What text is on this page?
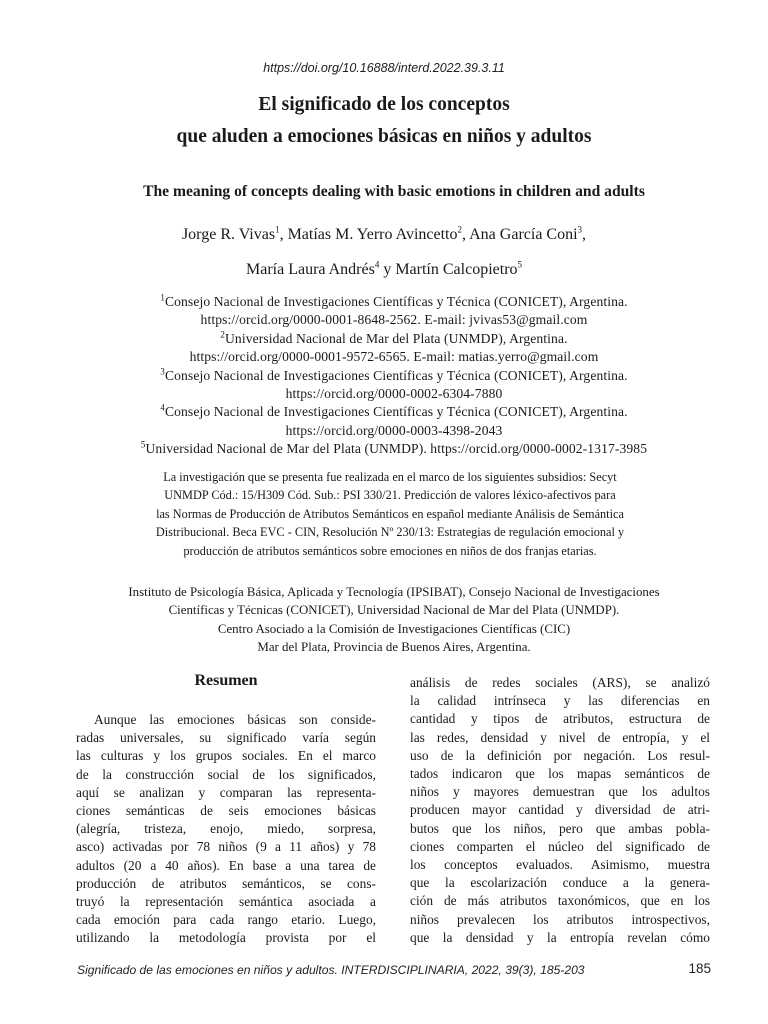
https://doi.org/10.16888/interd.2022.39.3.11
El significado de los conceptos
que aluden a emociones básicas en niños y adultos
The meaning of concepts dealing with basic emotions in children and adults
Jorge R. Vivas$^1$, Matías M. Yerro Avincetto$^2$, Ana García Coni$^3$,
María Laura Andrés$^4$ y Martín Calcopietro$^5$
$^1$Consejo Nacional de Investigaciones Científicas y Técnica (CONICET), Argentina.
https://orcid.org/0000-0001-8648-2562. E-mail: jvivas53@gmail.com
$^2$Universidad Nacional de Mar del Plata (UNMDP), Argentina.
https://orcid.org/0000-0001-9572-6565. E-mail: matias.yerro@gmail.com
$^3$Consejo Nacional de Investigaciones Científicas y Técnica (CONICET), Argentina.
https://orcid.org/0000-0002-6304-7880
$^4$Consejo Nacional de Investigaciones Científicas y Técnica (CONICET), Argentina.
https://orcid.org/0000-0003-4398-2043
$^5$Universidad Nacional de Mar del Plata (UNMDP). https://orcid.org/0000-0002-1317-3985
La investigación que se presenta fue realizada en el marco de los siguientes subsidios: Secyt
UNMDP Cód.: 15/H309 Cód. Sub.: PSI 330/21. Predicción de valores léxico-afectivos para
las Normas de Producción de Atributos Semánticos en español mediante Análisis de Semántica
Distribucional. Beca EVC - CIN, Resolución Nº 230/13: Estrategias de regulación emocional y
producción de atributos semánticos sobre emociones en niños de dos franjas etarias.
Instituto de Psicología Básica, Aplicada y Tecnología (IPSIBAT), Consejo Nacional de Investigaciones
Científicas y Técnicas (CONICET), Universidad Nacional de Mar del Plata (UNMDP).
Centro Asociado a la Comisión de Investigaciones Científicas (CIC)
Mar del Plata, Provincia de Buenos Aires, Argentina.
Resumen
Aunque las emociones básicas son conside-
radas universales, su significado varía según
las culturas y los grupos sociales. En el marco
de la construcción social de los significados,
aquí se analizan y comparan las representa-
ciones semánticas de seis emociones básicas
(alegría, tristeza, enojo, miedo, sorpresa,
asco) activadas por 78 niños (9 a 11 años) y 78
adultos (20 a 40 años). En base a una tarea de
producción de atributos semánticos, se cons-
truyó la representación semántica asociada a
cada emoción para cada rango etario. Luego,
utilizando la metodología provista por el
análisis de redes sociales (ARS), se analizó
la calidad intrínseca y las diferencias en
cantidad y tipos de atributos, estructura de
las redes, densidad y nivel de entropía, y el
uso de la definición por negación. Los resul-
tados indicaron que los mapas semánticos de
niños y mayores demuestran que los adultos
producen mayor cantidad y diversidad de atri-
butos que los niños, pero que ambas pobla-
ciones comparten el núcleo del significado de
los conceptos evaluados. Asimismo, muestra
que la escolarización conduce a la genera-
ción de más atributos taxonómicos, que en los
niños prevalecen los atributos introspectivos,
que la densidad y la entropía revelan cómo
Significado de las emociones en niños y adultos. INTERDISCIPLINARIA, 2022, 39(3), 185-203	185
